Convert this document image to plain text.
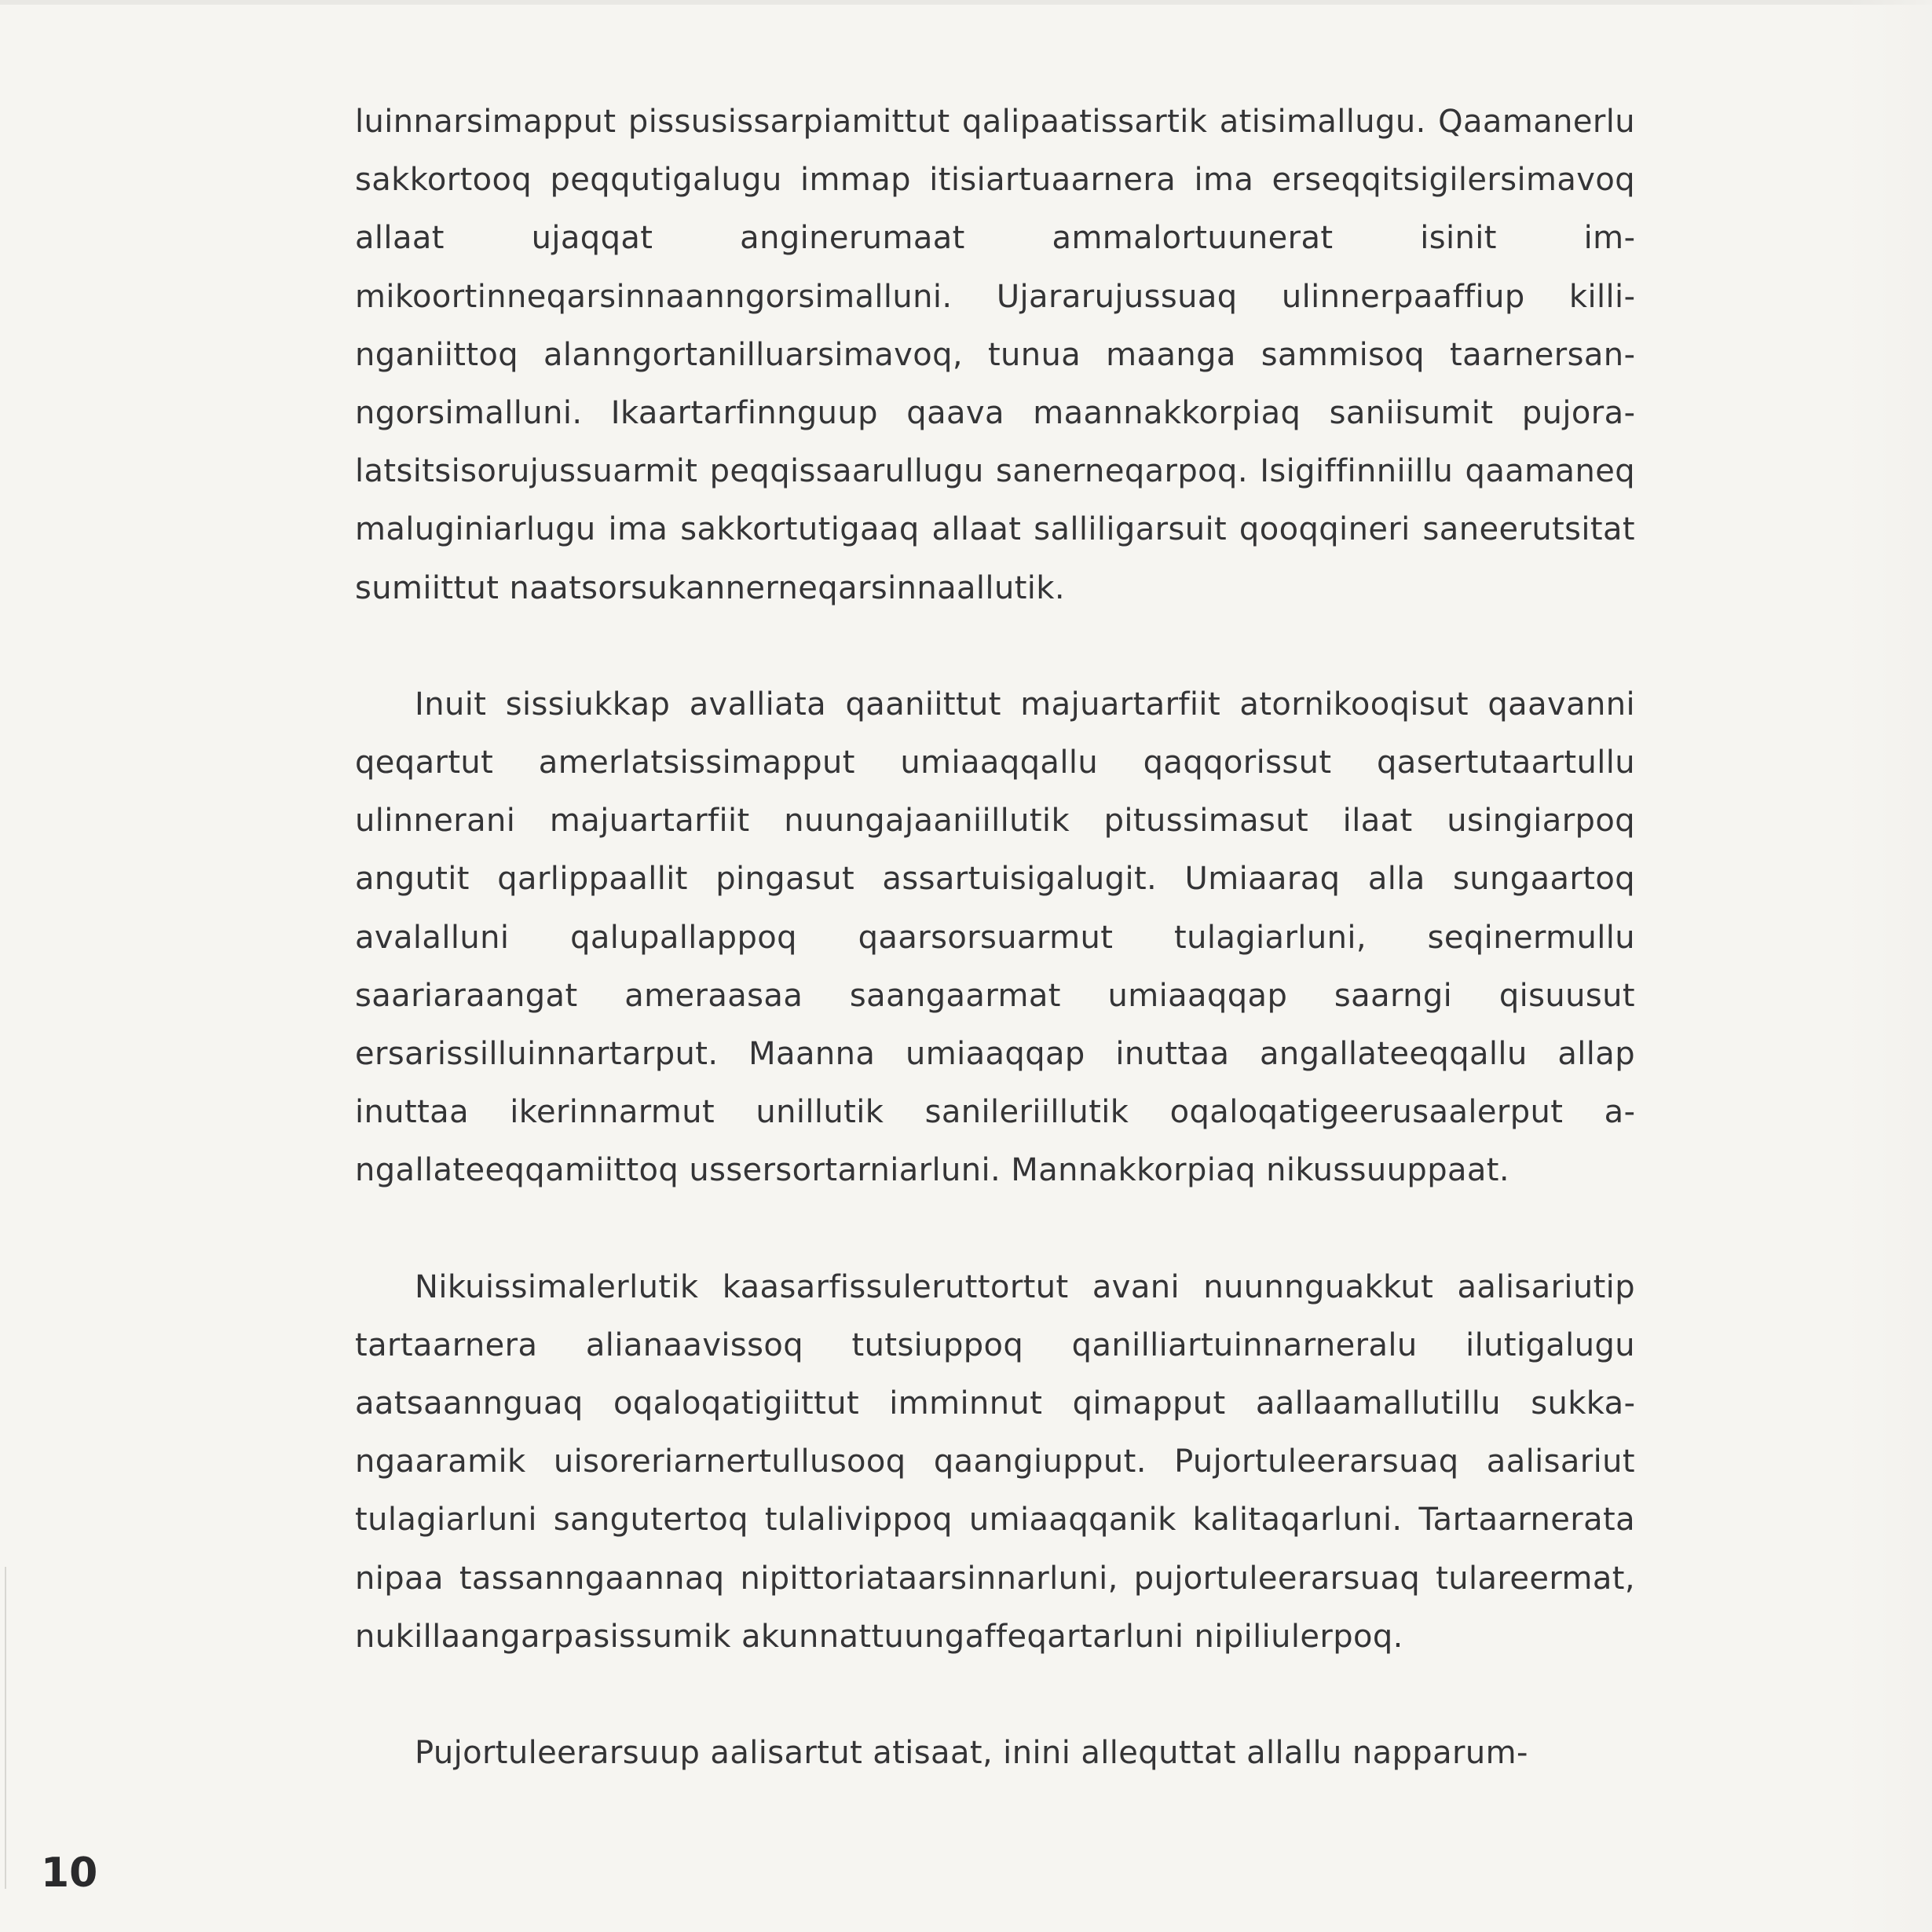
luinnarsimapput pissusissarpiamittut qalipaatissartik atisimallugu. Qaamanerlu sakkortooq peqqutigalugu immap itisiartuaarnera ima erseqqitsigilersimavoq allaat ujaqqat anginerumaat ammalortuunerat isinit immikoortinneqarsinnaanngorsimalluni. Ujararujussuaq ulinnerpaaffiup killinganiittoq alanngortanilluarsimavoq, tunua maanga sammisoq taarnersanngorsimalluni. Ikaartarfinnguup qaava maannakkorpiaq saniisumit pujoralatsitsisorujussuarmit peqqissaarullugu sanerneqarpoq. Isigiffinniillu qaamaneq maluginiarlugu ima sakkortutigaaq allaat salliligarsuit qooqqineri saneerutsitat sumiittut naatsorsukannerneqarsinnaallutik.

Inuit sissiukkap avalliata qaaniittut majuartarfiit atornikooqisut qaavanni qeqartut amerlatsissimapput umiaaqqallu qaqqorissut qasertutaartullu ulinnerani majuartarfiit nuungajaaniillutik pitussimasut ilaat usingiarpoq angutit qarlippaallit pingasut assartuisigalugit. Umiaaraq alla sungaartoq avalalluni qalupallappoq qaarsorsuarmut tulagiarluni, seqinermullu saariaraangat ameraasaa saangaarmat umiaaqqap saarngi qisuusut ersarissilluinnartarput. Maanna umiaaqqap inuttaa angallateeqqallu allap inuttaa ikerinnarmut unillutik sanileriillutik oqaloqatigeerusaalerput angallateeqqamiittoq ussersortarniarluni. Mannakkorpiaq nikussuuppaat.

Nikuissimalerlutik kaasarfissuleruttortut avani nuunnguakkut aalisariutip tartaarnera alianaavissoq tutsiuppoq qanilliartuinnarneralu ilutigalugu aatsaannguaq oqaloqatigiittut imminnut qimapput aallaamallutillu sukkangaaramik uisoreriarnertullusooq qaangiupput. Pujortuleerarsuaq aalisariut tulagiarluni sangutertoq tulalivippoq umiaaqqanik kalitaqarluni. Tartaarnerata nipaa tassanngaannaq nipittoriataarsinnarluni, pujortuleerarsuaq tulareermat, nukillaangarpasissumik akunnattuungaffeqartarluni nipiliulerpoq.

Pujortuleerarsuup aalisartut atisaat, inini allequttat allallu napparum-

10
